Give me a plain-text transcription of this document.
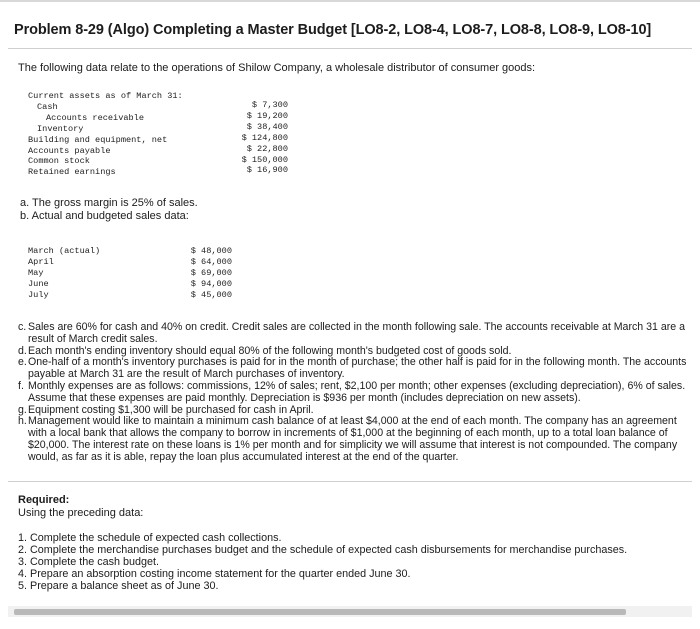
Problem 8-29 (Algo) Completing a Master Budget [LO8-2, LO8-4, LO8-7, LO8-8, LO8-9, LO8-10]
The following data relate to the operations of Shilow Company, a wholesale distributor of consumer goods:
Current assets as of March 31:
Cash
Accounts receivable
Inventory
Building and equipment, net
Accounts payable
Common stock
Retained earnings
$ 7,300
$ 19,200
$ 38,400
$ 124,800
$ 22,800
$ 150,000
$ 16,900
a. The gross margin is 25% of sales.
b. Actual and budgeted sales data:
March (actual)
April
May
June
July
$ 48,000
$ 64,000
$ 69,000
$ 94,000
$ 45,000
c. Sales are 60% for cash and 40% on credit. Credit sales are collected in the month following sale. The accounts receivable at March 31 are a result of March credit sales.
d. Each month's ending inventory should equal 80% of the following month's budgeted cost of goods sold.
e. One-half of a month's inventory purchases is paid for in the month of purchase; the other half is paid for in the following month. The accounts payable at March 31 are the result of March purchases of inventory.
f. Monthly expenses are as follows: commissions, 12% of sales; rent, $2,100 per month; other expenses (excluding depreciation), 6% of sales. Assume that these expenses are paid monthly. Depreciation is $936 per month (includes depreciation on new assets).
g. Equipment costing $1,300 will be purchased for cash in April.
h. Management would like to maintain a minimum cash balance of at least $4,000 at the end of each month. The company has an agreement with a local bank that allows the company to borrow in increments of $1,000 at the beginning of each month, up to a total loan balance of $20,000. The interest rate on these loans is 1% per month and for simplicity we will assume that interest is not compounded. The company would, as far as it is able, repay the loan plus accumulated interest at the end of the quarter.
Required:
Using the preceding data:
1. Complete the schedule of expected cash collections.
2. Complete the merchandise purchases budget and the schedule of expected cash disbursements for merchandise purchases.
3. Complete the cash budget.
4. Prepare an absorption costing income statement for the quarter ended June 30.
5. Prepare a balance sheet as of June 30.
